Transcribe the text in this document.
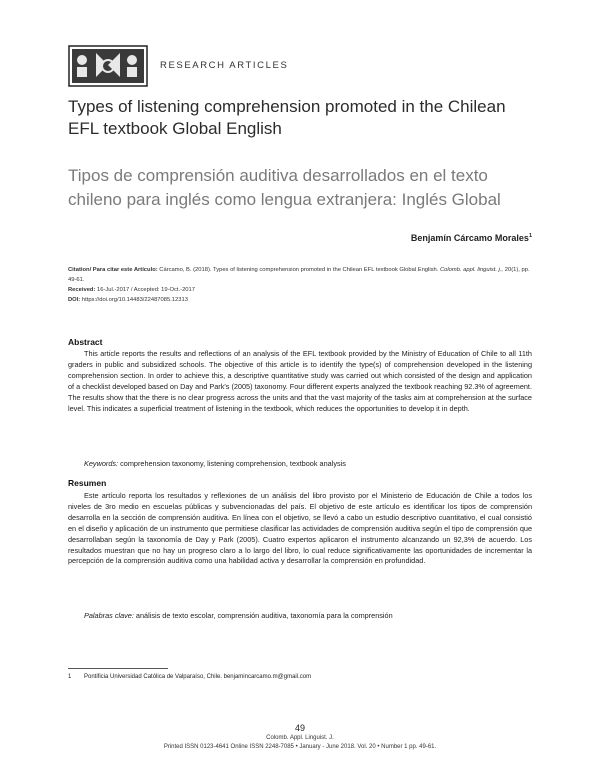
RESEARCH ARTICLES
Types of listening comprehension promoted in the Chilean EFL textbook Global English
Tipos de comprensión auditiva desarrollados en el texto chileno para inglés como lengua extranjera: Inglés Global
Benjamín Cárcamo Morales$^1$
Citation/ Para citar este Artículo: Cárcamo, B. (2018). Types of listening comprehension promoted in the Chilean EFL textbook Global English. Colomb. appl. linguist. j., 20(1), pp. 49-61.
Received: 16-Jul.-2017 / Accepted: 19-Oct.-2017
DOI: https://doi.org/10.14483/22487085.12313
Abstract
This article reports the results and reflections of an analysis of the EFL textbook provided by the Ministry of Education of Chile to all 11th graders in public and subsidized schools. The objective of this article is to identify the type(s) of comprehension developed in the listening comprehension section. In order to achieve this, a descriptive quantitative study was carried out which consisted of the design and application of a checklist developed based on Day and Park's (2005) taxonomy. Four different experts analyzed the textbook reaching 92.3% of agreement. The results show that the there is no clear progress across the units and that the vast majority of the tasks aim at comprehension at the surface level. This indicates a superficial treatment of listening in the textbook, which reduces the opportunities to develop it in depth.
Keywords: comprehension taxonomy, listening comprehension, textbook analysis
Resumen
Este artículo reporta los resultados y reflexiones de un análisis del libro provisto por el Ministerio de Educación de Chile a todos los niveles de 3ro medio en escuelas públicas y subvencionadas del país. El objetivo de este artículo es identificar los tipos de comprensión desarrolla en la sección de comprensión auditiva. En línea con el objetivo, se llevó a cabo un estudio descriptivo cuantitativo, el cual consistió en el diseño y aplicación de un instrumento que permitiese clasificar las actividades de comprensión auditiva según el tipo de comprensión que desarrollaban según la taxonomía de Day y Park (2005). Cuatro expertos aplicaron el instrumento alcanzando un 92,3% de acuerdo. Los resultados muestran que no hay un progreso claro a lo largo del libro, lo cual reduce significativamente las oportunidades de incrementar la percepción de la comprensión auditiva como una habilidad activa y desarrollar la comprensión en profundidad.
Palabras clave: análisis de texto escolar, comprensión auditiva, taxonomía para la comprensión
1 Pontificia Universidad Católica de Valparaíso, Chile. benjamincarcamo.m@gmail.com
49
Colomb. Appl. Linguist. J.
Printed ISSN 0123-4641 Online ISSN 2248-7085 • January - June 2018. Vol. 20 • Number 1 pp. 49-61.
